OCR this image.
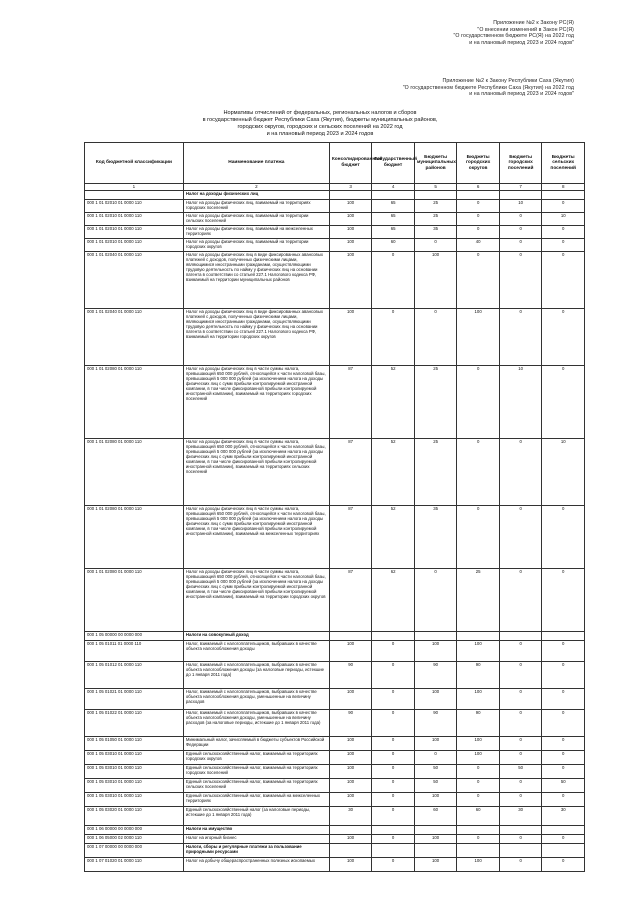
Приложение №2 к Закону РС(Я)
"О внесении изменений в Закон РС(Я)
"О государственном бюджете РС(Я) на 2022 год
и на плановый период 2023 и 2024 годов"
Приложение №2 к Закону Республики Саха (Якутия)
"О государственном бюджете Республики Саха (Якутия) на 2022 год
и на плановый период 2023 и 2024 годов"
Нормативы отчислений от федеральных, региональных налогов и сборов
в государственный бюджет Республики Саха (Якутия), бюджеты муниципальных районов,
городских округов, городских и сельских поселений на 2022 год
и на плановый период 2023 и 2024 годов
Код бюджетной классификации	Наименование платежа	Консолидированный бюджет	Государственный бюджет	Бюджеты муниципальных районов	Бюджеты городских округов	Бюджеты городских поселений	Бюджеты сельских поселений
1	2	3	4	5	6	7	8
	Налог на доходы физических лиц						
000 1 01 02010 01 0000 110	Налог на доходы физических лиц, взимаемый на территориях городских поселений	100	65	25	0	10	0
000 1 01 02010 01 0000 110	Налог на доходы физических лиц, взимаемый на территории сельских поселений	100	65	25	0	0	10
000 1 01 02010 01 0000 110	Налог на доходы физических лиц, взимаемый на межселенных территориях	100	65	35	0	0	0
000 1 01 02010 01 0000 110	Налог на доходы физических лиц, взимаемый на территории городских округов	100	60	0	40	0	0
000 1 01 02040 01 0000 110	Налог на доходы физических лиц в виде фиксированных авансовых платежей с доходов, полученных физическими лицами, являющимися иностранными гражданами, осуществляющими трудовую деятельность по найму у физических лиц на основании патента в соответствии со статьей 227.1 Налогового кодекса РФ, взимаемый на территории муниципальных районов	100	0	100	0	0	0
000 1 01 02040 01 0000 110	Налог на доходы физических лиц в виде фиксированных авансовых платежей с доходов, полученных физическими лицами, являющимися иностранными гражданами, осуществляющими трудовую деятельность по найму у физических лиц на основании патента в соответствии со статьей 227.1 Налогового кодекса РФ, взимаемый на территории городских округов	100	0	0	100	0	0
000 1 01 02080 01 0000 110	Налог на доходы физических лиц в части суммы налога, превышающей 650 000 рублей, относящейся к части налоговой базы, превышающей 5 000 000 рублей (за исключением налога на доходы физических лиц с сумм прибыли контролируемой иностранной компании, в том числе фиксированной прибыли контролируемой иностранной компании), взимаемый на территориях городских поселений	87	52	25	0	10	0
000 1 01 02080 01 0000 110	Налог на доходы физических лиц в части суммы налога, превышающей 650 000 рублей, относящейся к части налоговой базы, превышающей 5 000 000 рублей (за исключением налога на доходы физических лиц с сумм прибыли контролируемой иностранной компании, в том числе фиксированной прибыли контролируемой иностранной компании), взимаемый на территориях сельских поселений	87	52	25	0	0	10
000 1 01 02080 01 0000 110	Налог на доходы физических лиц в части суммы налога, превышающей 650 000 рублей, относящейся к части налоговой базы, превышающей 5 000 000 рублей (за исключением налога на доходы физических лиц с сумм прибыли контролируемой иностранной компании, в том числе фиксированной прибыли контролируемой иностранной компании), взимаемый на межселенных территориях	87	52	35	0	0	0
000 1 01 02080 01 0000 110	Налог на доходы физических лиц в части суммы налога, превышающей 650 000 рублей, относящейся к части налоговой базы, превышающей 5 000 000 рублей (за исключением налога на доходы физических лиц с сумм прибыли контролируемой иностранной компании, в том числе фиксированной прибыли контролируемой иностранной компании), взимаемый на территории городских округов	87	62	0	25	0	0
000 1 05 00000 00 0000 000	Налоги на совокупный доход						
000 1 05 01011 01 0000 110	Налог, взимаемый с налогоплательщиков, выбравших в качестве объекта налогообложения доходы	100	0	100	100	0	0
000 1 05 01012 01 0000 110	Налог, взимаемый с налогоплательщиков, выбравших в качестве объекта налогообложения доходы (за налоговые периоды, истекшие до 1 января 2011 года)	90	0	90	90	0	0
000 1 05 01021 01 0000 110	Налог, взимаемый с налогоплательщиков, выбравших в качестве объекта налогообложения доходы, уменьшенные на величину расходов	100	0	100	100	0	0
000 1 05 01022 01 0000 110	Налог, взимаемый с налогоплательщиков, выбравших в качестве объекта налогообложения доходы, уменьшенные на величину расходов (за налоговые периоды, истекшие до 1 января 2011 года)	90	0	90	90	0	0
000 1 05 01050 01 0000 110	Минимальный налог, зачисляемый в бюджеты субъектов Российской Федерации	100	0	100	100	0	0
000 1 05 03010 01 0000 110	Единый сельскохозяйственный налог, взимаемый на территориях городских округов	100	0	0	100	0	0
000 1 05 03010 01 0000 110	Единый сельскохозяйственный налог, взимаемый на территориях городских поселений	100	0	50	0	50	0
000 1 05 03010 01 0000 110	Единый сельскохозяйственный налог, взимаемый на территориях сельских поселений	100	0	50	0	0	50
000 1 05 03010 01 0000 110	Единый сельскохозяйственный налог, взимаемый на межселенных территориях	100	0	100	0	0	0
000 1 05 03020 01 0000 110	Единый сельскохозяйственный налог (за налоговые периоды, истекшие до 1 января 2011 года)	30	0	60	60	30	30
000 1 06 00000 00 0000 000	Налоги на имущество						
000 1 06 05000 02 0000 110	Налог на игорный бизнес	100	0	100	0	0	0
000 1 07 00000 00 0000 000	Налоги, сборы и регулярные платежи за пользование природными ресурсами						
000 1 07 01020 01 0000 110	Налог на добычу общераспространенных полезных ископаемых	100	0	100	100	0	0
